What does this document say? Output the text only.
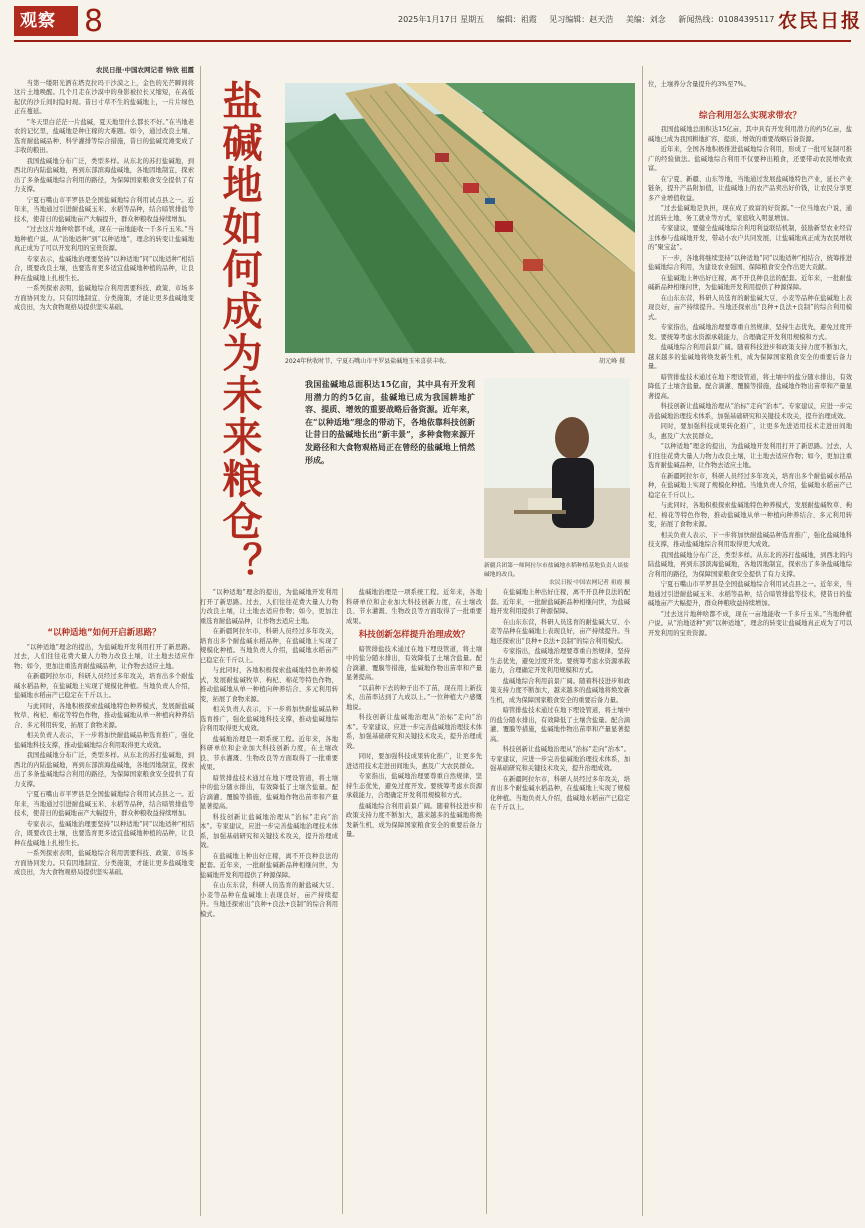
观察 8	2025年1月17日 星期五 编辑：祖霞 见习编辑：赵天浩 美编：刘念 新闻热线：01084395117 农民日报
农民日报·中国农网记者 钟欣 祖霞

当第一缕阳光洒在塔克拉玛干沙漠之上，金色的光芒瞬间将这片土地唤醒。几个月走在沙漠中的身影被拉长又缩短，在高低起伏的沙丘间时隐时现。昔日寸草不生的盐碱地上，一片片绿色正在蔓延。

“冬天里白茫茫一片盐碱，夏天地里什么都长不好。”在当地老农的记忆里，盐碱地是种庄稼的大难题。如今，通过改良土壤、选育耐盐碱品种、科学灌排等综合措施，昔日的盐碱荒滩变成了丰收的粮田。

我国盐碱地分布广泛，类型多样。从东北的苏打盐碱地，到西北的内陆盐碱地，再到东部滨海盐碱地，各地因地制宜，探索出了多条盐碱地综合利用的路径，为保障国家粮食安全提供了有力支撑。

宁夏石嘴山市平罗县是全国盐碱地综合利用试点县之一。近年来，当地通过引进耐盐碱玉米、水稻等品种，结合暗管排盐等技术，使昔日的盐碱地亩产大幅提升，群众种粮收益持续增加。

“过去这片地种啥都不成，现在一亩地能收一千多斤玉米。”当地种植户说。从“治地适种”到“以种适地”，理念的转变让盐碱地真正成为了可以开发利用的宝贵资源。

专家表示，盐碱地治理要坚持“以种适地”同“以地适种”相结合，既要改良土壤，也要选育更多适宜盐碱地种植的品种，让良种在盐碱地上扎根生长。

一系列探索表明，盐碱地综合利用需要科技、政策、市场多方面协同发力。只有因地制宜、分类施策，才能让更多盐碱地变成良田，为大食物观格局提供坚实基础。

“以种适地”如何开启新思路？

“以种适地”理念的提出，为盐碱地开发利用打开了新思路。过去，人们往往花费大量人力物力改良土壤，让土地去适应作物；如今，更加注重选育耐盐碱品种，让作物去适应土地。

在新疆阿拉尔市，科研人员经过多年攻关，培育出多个耐盐碱水稻品种，在盐碱地上实现了规模化种植。当地负责人介绍，盐碱地水稻亩产已稳定在千斤以上。

与此同时，各地积极探索盐碱地特色种养模式，发展耐盐碱牧草、枸杞、棉花等特色作物，推动盐碱地从单一种植向种养结合、多元利用转变，拓展了食物来源。

相关负责人表示，下一步将加快耐盐碱品种选育推广，强化盐碱地科技支撑，推动盐碱地综合利用取得更大成效。

我国盐碱地分布广泛，类型多样。从东北的苏打盐碱地，到西北的内陆盐碱地，再到东部滨海盐碱地，各地因地制宜，探索出了多条盐碱地综合利用的路径，为保障国家粮食安全提供了有力支撑。

宁夏石嘴山市平罗县是全国盐碱地综合利用试点县之一。近年来，当地通过引进耐盐碱玉米、水稻等品种，结合暗管排盐等技术，使昔日的盐碱地亩产大幅提升，群众种粮收益持续增加。

专家表示，盐碱地治理要坚持“以种适地”同“以地适种”相结合，既要改良土壤，也要选育更多适宜盐碱地种植的品种，让良种在盐碱地上扎根生长。

一系列探索表明，盐碱地综合利用需要科技、政策、市场多方面协同发力。只有因地制宜、分类施策，才能让更多盐碱地变成良田，为大食物观格局提供坚实基础。

盐碱地如何成为未来粮仓？	2024年秋收时节，宁夏石嘴山市平罗县盐碱地玉米喜获丰收。	胡元峰 摄
我国盐碱地总面积达15亿亩，其中具有开发利用潜力的约5亿亩，盐碱地已成为我国耕地扩容、提质、增效的重要战略后备资源。近年来，在“以种适地”理念的带动下，各地依靠科技创新让昔日的盐碱地长出“新丰景”，多种食物来源开发路径和大食物观格局正在曾经的盐碱地上悄然形成。
新疆兵团第一师阿拉尔市盐碱地水稻种植基地负责人谈盐碱地的改良。
农民日报·中国农网记者 祖霞 摄

“以种适地”理念的提出，为盐碱地开发利用打开了新思路。过去，人们往往花费大量人力物力改良土壤，让土地去适应作物；如今，更加注重选育耐盐碱品种，让作物去适应土地。

在新疆阿拉尔市，科研人员经过多年攻关，培育出多个耐盐碱水稻品种，在盐碱地上实现了规模化种植。当地负责人介绍，盐碱地水稻亩产已稳定在千斤以上。

与此同时，各地积极探索盐碱地特色种养模式，发展耐盐碱牧草、枸杞、棉花等特色作物，推动盐碱地从单一种植向种养结合、多元利用转变，拓展了食物来源。

相关负责人表示，下一步将加快耐盐碱品种选育推广，强化盐碱地科技支撑，推动盐碱地综合利用取得更大成效。

盐碱地治理是一项系统工程。近年来，各地科研单位和企业加大科技创新力度，在土壤改良、节水灌溉、生物改良等方面取得了一批重要成果。

暗管排盐技术通过在地下埋设管道，将土壤中的盐分随水排出，有效降低了土壤含盐量。配合滴灌、覆膜等措施，盐碱地作物出苗率和产量显著提高。

科技创新让盐碱地治理从“治标”走向“治本”。专家建议，应进一步完善盐碱地治理技术体系，加强基础研究和关键技术攻关，提升治理成效。

在盐碱地上种出好庄稼，离不开良种良法的配套。近年来，一批耐盐碱新品种相继问世，为盐碱地开发利用提供了种源保障。

在山东东营，科研人员选育的耐盐碱大豆、小麦等品种在盐碱地上表现良好，亩产持续提升。当地还探索出“良种+良法+良制”的综合利用模式。

盐碱地治理是一项系统工程。近年来，各地科研单位和企业加大科技创新力度，在土壤改良、节水灌溉、生物改良等方面取得了一批重要成果。

科技创新怎样提升治理成效？

暗管排盐技术通过在地下埋设管道，将土壤中的盐分随水排出，有效降低了土壤含盐量。配合滴灌、覆膜等措施，盐碱地作物出苗率和产量显著提高。

“以前种下去的种子出不了苗，现在用上新技术，出苗率达到了九成以上。”一位种植大户感慨地说。

科技创新让盐碱地治理从“治标”走向“治本”。专家建议，应进一步完善盐碱地治理技术体系，加强基础研究和关键技术攻关，提升治理成效。

同时，要加强科技成果转化推广，让更多先进适用技术走进田间地头，惠及广大农民群众。

专家指出，盐碱地治理要尊重自然规律，坚持生态优先，避免过度开发。要统筹考虑水资源承载能力，合理确定开发利用规模和方式。

盐碱地综合利用前景广阔。随着科技进步和政策支持力度不断加大，越来越多的盐碱地将焕发新生机，成为保障国家粮食安全的重要后备力量。

在盐碱地上种出好庄稼，离不开良种良法的配套。近年来，一批耐盐碱新品种相继问世，为盐碱地开发利用提供了种源保障。

在山东东营，科研人员选育的耐盐碱大豆、小麦等品种在盐碱地上表现良好，亩产持续提升。当地还探索出“良种+良法+良制”的综合利用模式。

专家指出，盐碱地治理要尊重自然规律，坚持生态优先，避免过度开发。要统筹考虑水资源承载能力，合理确定开发利用规模和方式。

盐碱地综合利用前景广阔。随着科技进步和政策支持力度不断加大，越来越多的盐碱地将焕发新生机，成为保障国家粮食安全的重要后备力量。

暗管排盐技术通过在地下埋设管道，将土壤中的盐分随水排出，有效降低了土壤含盐量。配合滴灌、覆膜等措施，盐碱地作物出苗率和产量显著提高。

科技创新让盐碱地治理从“治标”走向“治本”。专家建议，应进一步完善盐碱地治理技术体系，加强基础研究和关键技术攻关，提升治理成效。

在新疆阿拉尔市，科研人员经过多年攻关，培育出多个耐盐碱水稻品种，在盐碱地上实现了规模化种植。当地负责人介绍，盐碱地水稻亩产已稳定在千斤以上。

位，土壤养分含量提升约3%至7%。

综合利用怎么实现求带农？

我国盐碱地总面积达15亿亩，其中具有开发利用潜力的约5亿亩，盐碱地已成为我国耕地扩容、提质、增效的重要战略后备资源。

近年来，全国各地积极推进盐碱地综合利用，形成了一批可复制可推广的经验做法。盐碱地综合利用不仅要种出粮食，还要带动农民增收致富。

在宁夏、新疆、山东等地，当地通过发展盐碱地特色产业，延长产业链条，提升产品附加值，让盐碱地上的农产品卖出好价钱，让农民分享更多产业增值收益。

“过去盐碱地是负担，现在成了致富的好资源。”一位当地农户说，通过流转土地、务工就业等方式，家庭收入明显增加。

专家建议，要健全盐碱地综合利用利益联结机制，鼓励新型农业经营主体参与盐碱地开发，带动小农户共同发展，让盐碱地真正成为农民增收的“聚宝盆”。

下一步，各地将继续坚持“以种适地”同“以地适种”相结合，统筹推进盐碱地综合利用，为建设农业强国、保障粮食安全作出更大贡献。

在盐碱地上种出好庄稼，离不开良种良法的配套。近年来，一批耐盐碱新品种相继问世，为盐碱地开发利用提供了种源保障。

在山东东营，科研人员选育的耐盐碱大豆、小麦等品种在盐碱地上表现良好，亩产持续提升。当地还探索出“良种+良法+良制”的综合利用模式。

专家指出，盐碱地治理要尊重自然规律，坚持生态优先，避免过度开发。要统筹考虑水资源承载能力，合理确定开发利用规模和方式。

盐碱地综合利用前景广阔。随着科技进步和政策支持力度不断加大，越来越多的盐碱地将焕发新生机，成为保障国家粮食安全的重要后备力量。

暗管排盐技术通过在地下埋设管道，将土壤中的盐分随水排出，有效降低了土壤含盐量。配合滴灌、覆膜等措施，盐碱地作物出苗率和产量显著提高。

科技创新让盐碱地治理从“治标”走向“治本”。专家建议，应进一步完善盐碱地治理技术体系，加强基础研究和关键技术攻关，提升治理成效。

同时，要加强科技成果转化推广，让更多先进适用技术走进田间地头，惠及广大农民群众。

“以种适地”理念的提出，为盐碱地开发利用打开了新思路。过去，人们往往花费大量人力物力改良土壤，让土地去适应作物；如今，更加注重选育耐盐碱品种，让作物去适应土地。

在新疆阿拉尔市，科研人员经过多年攻关，培育出多个耐盐碱水稻品种，在盐碱地上实现了规模化种植。当地负责人介绍，盐碱地水稻亩产已稳定在千斤以上。

与此同时，各地积极探索盐碱地特色种养模式，发展耐盐碱牧草、枸杞、棉花等特色作物，推动盐碱地从单一种植向种养结合、多元利用转变，拓展了食物来源。

相关负责人表示，下一步将加快耐盐碱品种选育推广，强化盐碱地科技支撑，推动盐碱地综合利用取得更大成效。

我国盐碱地分布广泛，类型多样。从东北的苏打盐碱地，到西北的内陆盐碱地，再到东部滨海盐碱地，各地因地制宜，探索出了多条盐碱地综合利用的路径，为保障国家粮食安全提供了有力支撑。

宁夏石嘴山市平罗县是全国盐碱地综合利用试点县之一。近年来，当地通过引进耐盐碱玉米、水稻等品种，结合暗管排盐等技术，使昔日的盐碱地亩产大幅提升，群众种粮收益持续增加。

“过去这片地种啥都不成，现在一亩地能收一千多斤玉米。”当地种植户说。从“治地适种”到“以种适地”，理念的转变让盐碱地真正成为了可以开发利用的宝贵资源。
